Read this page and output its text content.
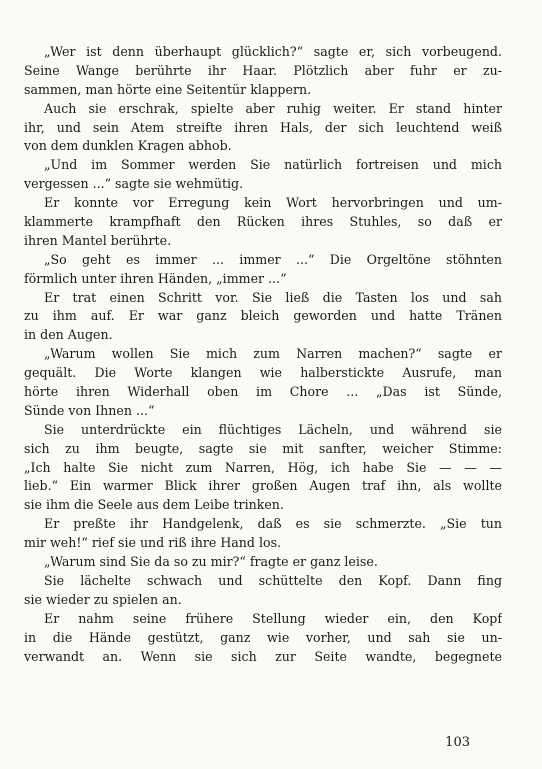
„Wer ist denn überhaupt glücklich?“ sagte er, sich vorbeugend.
Seine Wange berührte ihr Haar. Plötzlich aber fuhr er zu-
sammen, man hörte eine Seitentür klappern.
Auch sie erschrak, spielte aber ruhig weiter. Er stand hinter
ihr, und sein Atem streifte ihren Hals, der sich leuchtend weiß
von dem dunklen Kragen abhob.
„Und im Sommer werden Sie natürlich fortreisen und mich
vergessen ...“ sagte sie wehmütig.
Er konnte vor Erregung kein Wort hervorbringen und um-
klammerte krampfhaft den Rücken ihres Stuhles, so daß er
ihren Mantel berührte.
„So geht es immer ... immer ...“ Die Orgeltöne stöhnten
förmlich unter ihren Händen, „immer ...“
Er trat einen Schritt vor. Sie ließ die Tasten los und sah
zu ihm auf. Er war ganz bleich geworden und hatte Tränen
in den Augen.
„Warum wollen Sie mich zum Narren machen?“ sagte er
gequält. Die Worte klangen wie halberstickte Ausrufe, man
hörte ihren Widerhall oben im Chore ... „Das ist Sünde,
Sünde von Ihnen ...“
Sie unterdrückte ein flüchtiges Lächeln, und während sie
sich zu ihm beugte, sagte sie mit sanfter, weicher Stimme:
„Ich halte Sie nicht zum Narren, Hög, ich habe Sie — — —
lieb.“ Ein warmer Blick ihrer großen Augen traf ihn, als wollte
sie ihm die Seele aus dem Leibe trinken.
Er preßte ihr Handgelenk, daß es sie schmerzte. „Sie tun
mir weh!“ rief sie und riß ihre Hand los.
„Warum sind Sie da so zu mir?“ fragte er ganz leise.
Sie lächelte schwach und schüttelte den Kopf. Dann fing
sie wieder zu spielen an.
Er nahm seine frühere Stellung wieder ein, den Kopf
in die Hände gestützt, ganz wie vorher, und sah sie un-
verwandt an. Wenn sie sich zur Seite wandte, begegnete
103
